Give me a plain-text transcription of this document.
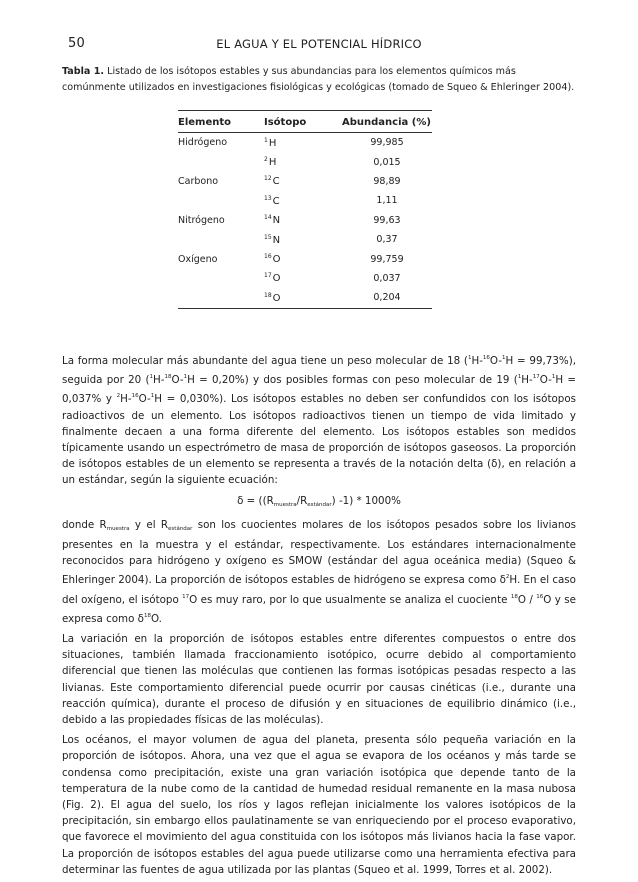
50	EL AGUA Y EL POTENCIAL HÍDRICO
Tabla 1. Listado de los isótopos estables y sus abundancias para los elementos químicos más comúnmente utilizados en investigaciones fisiológicas y ecológicas (tomado de Squeo & Ehleringer 2004).
Elemento	Isótopo	Abundancia (%)
Hidrógeno	$^1$H	99,985
	$^2$H	0,015
Carbono	$^{12}$C	98,89
	$^{13}$C	1,11
Nitrógeno	$^{14}$N	99,63
	$^{15}$N	0,37
Oxígeno	$^{16}$O	99,759
	$^{17}$O	0,037
	$^{18}$O	0,204

La forma molecular más abundante del agua tiene un peso molecular de 18 ($^1$H-$^{16}$O-$^1$H = 99,73%), seguida por 20 ($^1$H-$^{18}$O-$^1$H = 0,20%) y dos posibles formas con peso molecular de 19 ($^1$H-$^{17}$O-$^1$H = 0,037% y $^2$H-$^{16}$O-$^1$H = 0,030%). Los isótopos estables no deben ser confundidos con los isótopos radioactivos de un elemento. Los isótopos radioactivos tienen un tiempo de vida limitado y finalmente decaen a una forma diferente del elemento. Los isótopos estables son medidos típicamente usando un espectrómetro de masa de proporción de isótopos gaseosos. La proporción de isótopos estables de un elemento se representa a través de la notación delta (δ), en relación a un estándar, según la siguiente ecuación:

$\delta = ((R_{muestra}/R_{estándar})$ -1) * 1000%

donde $R_{muestra}$ y el $R_{estándar}$ son los cuocientes molares de los isótopos pesados sobre los livianos presentes en la muestra y el estándar, respectivamente. Los estándares internacionalmente reconocidos para hidrógeno y oxígeno es SMOW (estándar del agua oceánica media) (Squeo & Ehleringer 2004). La proporción de isótopos estables de hidrógeno se expresa como $\delta^2H$. En el caso del oxígeno, el isótopo $^{17}$O es muy raro, por lo que usualmente se analiza el cuociente $^{18}$O / $^{16}$O y se expresa como $\delta^{18}O$.

La variación en la proporción de isótopos estables entre diferentes compuestos o entre dos situaciones, también llamada fraccionamiento isotópico, ocurre debido al comportamiento diferencial que tienen las moléculas que contienen las formas isotópicas pesadas respecto a las livianas. Este comportamiento diferencial puede ocurrir por causas cinéticas (i.e., durante una reacción química), durante el proceso de difusión y en situaciones de equilibrio dinámico (i.e., debido a las propiedades físicas de las moléculas).

Los océanos, el mayor volumen de agua del planeta, presenta sólo pequeña variación en la proporción de isótopos. Ahora, una vez que el agua se evapora de los océanos y más tarde se condensa como precipitación, existe una gran variación isotópica que depende tanto de la temperatura de la nube como de la cantidad de humedad residual remanente en la masa nubosa (Fig. 2). El agua del suelo, los ríos y lagos reflejan inicialmente los valores isotópicos de la precipitación, sin embargo ellos paulatinamente se van enriqueciendo por el proceso evaporativo, que favorece el movimiento del agua constituida con los isótopos más livianos hacia la fase vapor. La proporción de isótopos estables del agua puede utilizarse como una herramienta efectiva para determinar las fuentes de agua utilizada por las plantas (Squeo et al. 1999, Torres et al. 2002).
